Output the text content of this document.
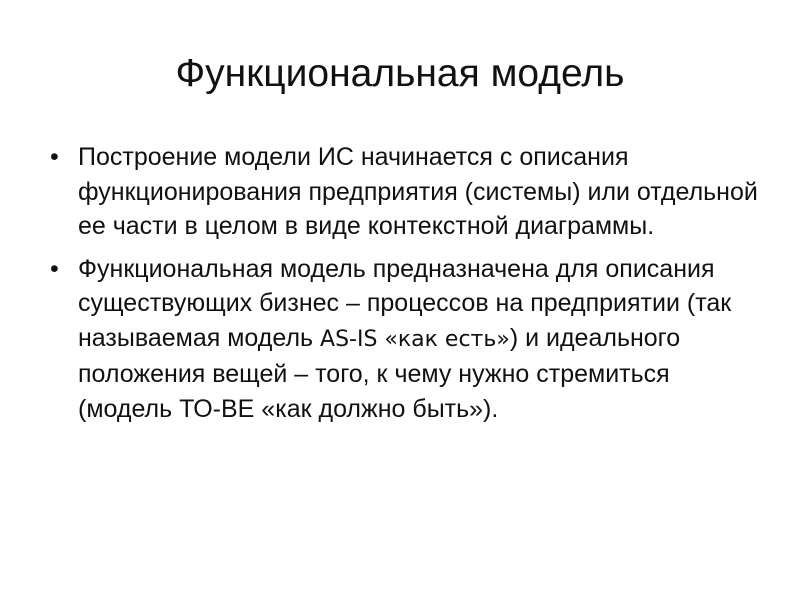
Функциональная модель
• Построение модели ИС начинается с описания функционирования предприятия (системы) или отдельной ее части в целом в виде контекстной диаграммы.
• Функциональная модель предназначена для описания существующих бизнес – процессов на предприятии (так называемая модель AS-IS «как есть») и идеального положения вещей – того, к чему нужно стремиться (модель ТО-ВЕ «как должно быть»).
